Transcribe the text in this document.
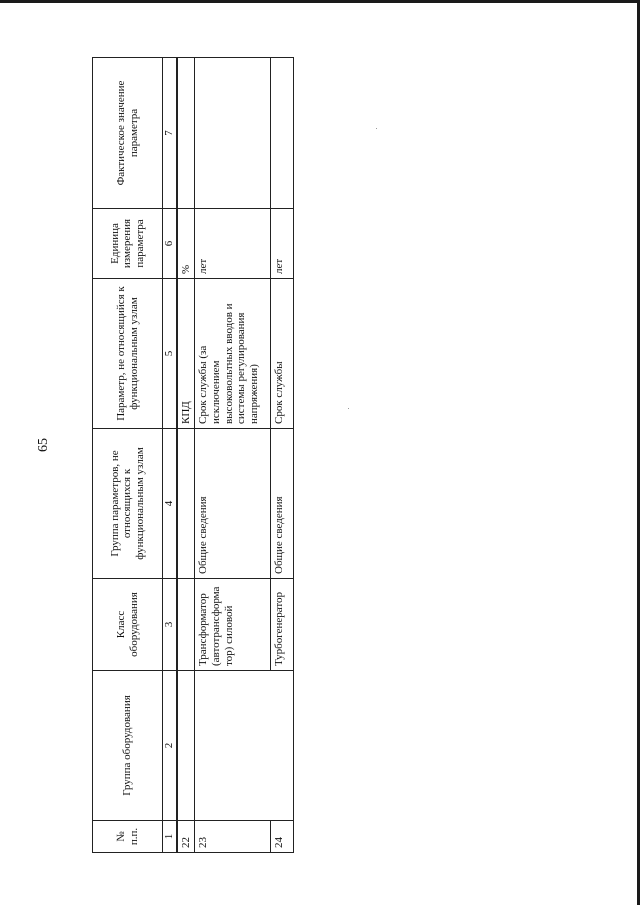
65
№ п.п.	Группа оборудования	Класс оборудования	Группа параметров, не относящихся к функциональным узлам	Параметр, не относящийся к функциональным узлам	Единица измерения параметра	Фактическое значение параметра
1	2	3	4	5	6	7
22				КПД	%	
23		Трансформатор (автотрансформа тор) силовой	Общие сведения	Срок службы (за исключением высоковольтных вводов и системы регулирования напряжения)	лет	
24		Турбогенератор	Общие сведения	Срок службы	лет	
